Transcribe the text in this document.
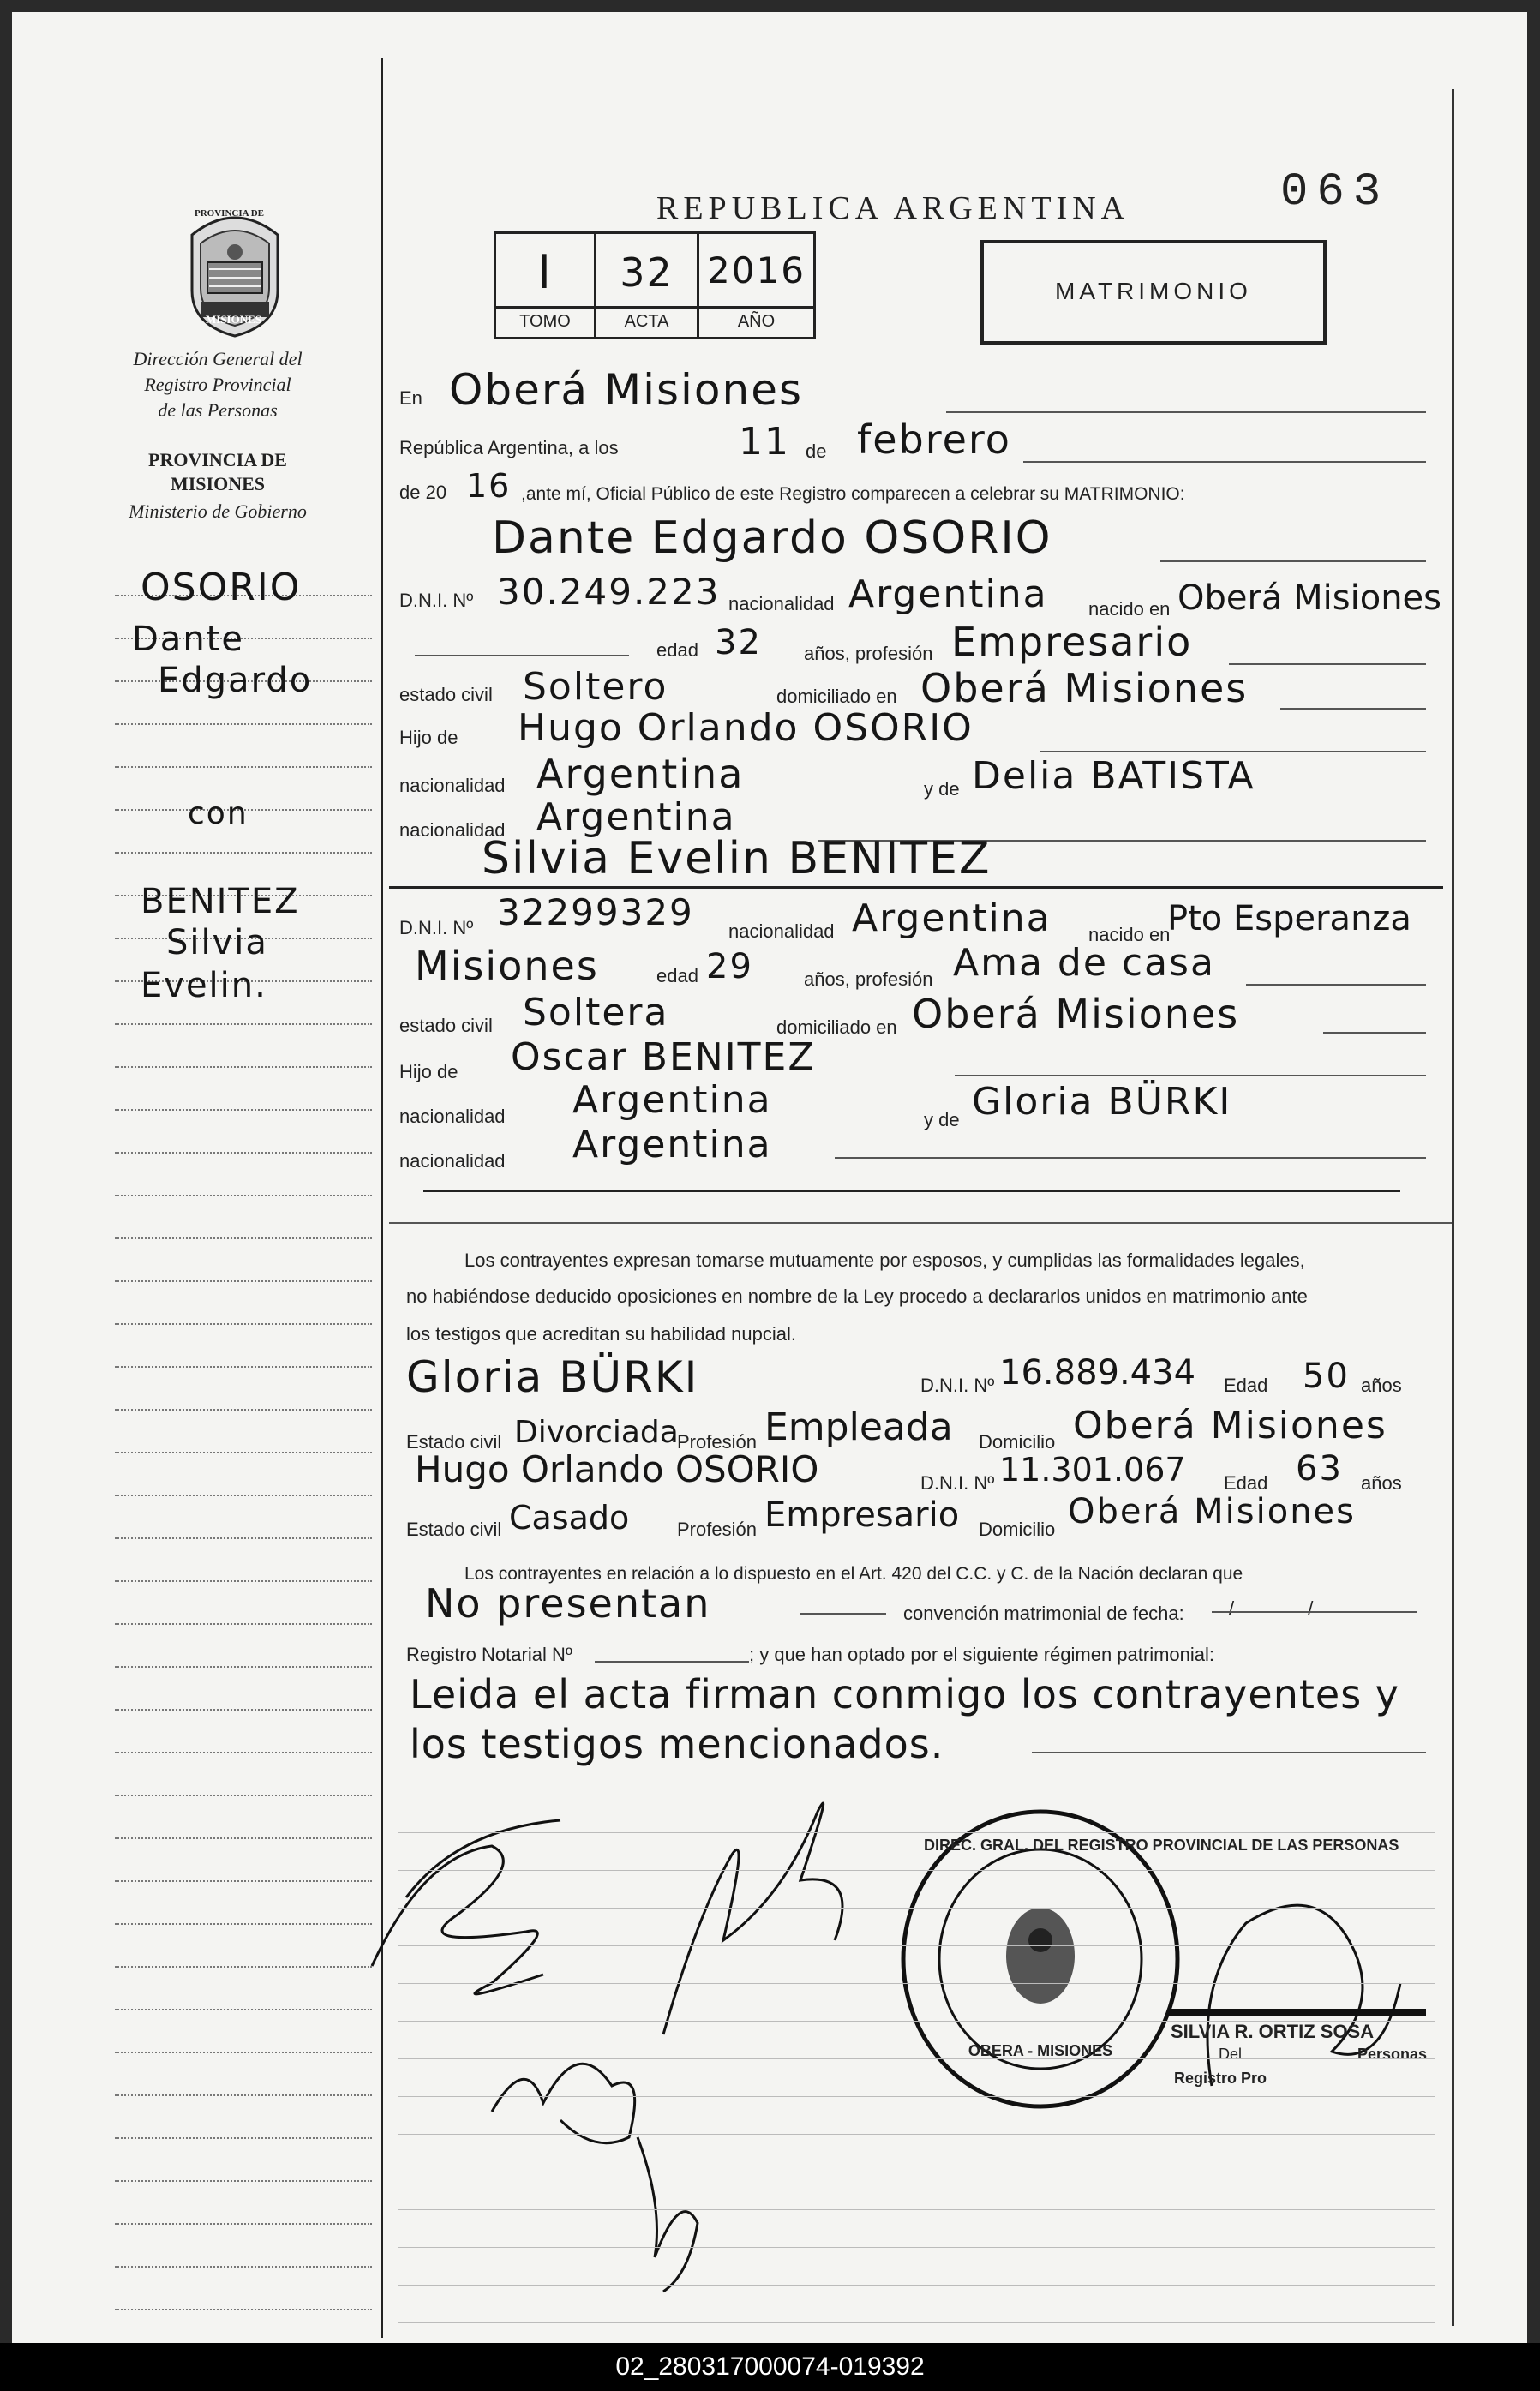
PROVINCIA DE
MISIONES
Dirección General del
Registro Provincial
de las Personas
PROVINCIA DE
MISIONES
Ministerio de Gobierno
OSORIO
Dante
Edgardo
con
BENITEZ
Silvia
Evelin.
REPUBLICA ARGENTINA	063
I	32 2016
TOMO	ACTA	AÑO
MATRIMONIO
En Oberá Misiones
República Argentina, a los	11 de febrero
de 20 16 ,ante mí, Oficial Público de este Registro comparecen a celebrar su MATRIMONIO:
Dante Edgardo OSORIO
D.N.I. Nº 30.249.223 nacionalidad Argentina nacido en Oberá Misiones
edad 32 años, profesión Empresario
estado civil Soltero	domiciliado en Oberá Misiones
Hijo de Hugo Orlando OSORIO
nacionalidad Argentina	y de Delia BATISTA
nacionalidad Argentina
Silvia Evelin BENITEZ
D.N.I. Nº 32299329 nacionalidad Argentina nacido en
Pto Esperanza
Misiones	edad 29	años, profesión Ama de casa
estado civil Soltera	domiciliado en Oberá Misiones
Hijo de Oscar BENITEZ
nacionalidad Argentina	y de Gloria BÜRKI
nacionalidad Argentina
Los contrayentes expresan tomarse mutuamente por esposos, y cumplidas las formalidades legales,
no habiéndose deducido oposiciones en nombre de la Ley procedo a declararlos unidos en matrimonio ante
los testigos que acreditan su habilidad nupcial.
Gloria BÜRKI	D.N.I. Nº 16.889.434 Edad 50 años
Estado civil Divorciada
Profesión Empleada Domicilio Oberá Misiones
Hugo Orlando OSORIO	D.N.I. Nº 11.301.067 Edad 63 años
Estado civil Casado	Profesión Empresario Domicilio Oberá Misiones
Los contrayentes en relación a lo dispuesto en el Art. 420 del C.C. y C. de la Nación declaran que
No presentan	convención matrimonial de fecha: / /
Registro Notarial Nº	; y que han optado por el siguiente régimen patrimonial:
Leida el acta firman conmigo los contrayentes y
los testigos mencionados.
DIREC. GRAL. DEL REGISTRO PROVINCIAL DE LAS PERSONAS
OBERA - MISIONES
SILVIA R. ORTIZ SOSA
Del
Registro Pro
Personas
02_280317000074-019392
